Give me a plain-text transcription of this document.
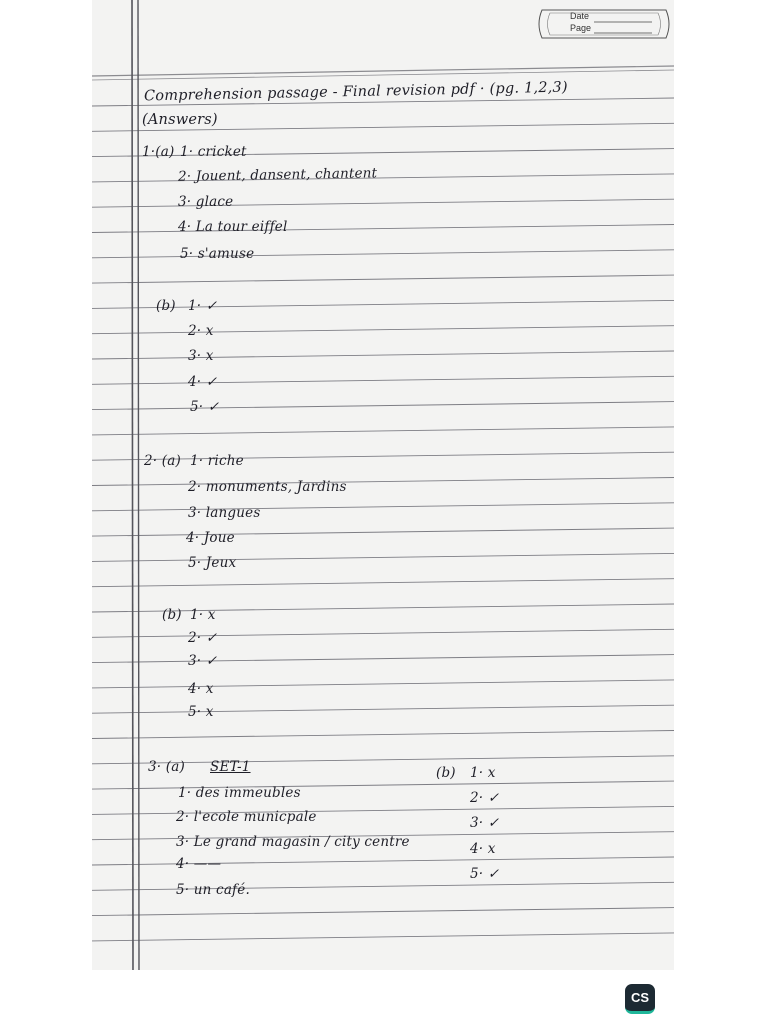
Date
Page
Comprehension passage - Final revision pdf · (pg. 1,2,3)
(Answers)
1·(a) 1· cricket
2· Jouent, dansent, chantent
3· glace
4· La tour eiffel
5· s'amuse
(b) 1· ✓
2· x
3· x
4· ✓
5· ✓
2· (a) 1· riche
2· monuments, Jardins
3· langues
4· Joue
5· Jeux
(b) 1· x
2· ✓
3· ✓
4· x
5· x
3· (a) SET-1
1· des immeubles
2· l'ecole municpale
3· Le grand magasin / city centre
4· ——
5· un café.
(b) 1· x
2· ✓
3· ✓
4· x
5· ✓
CS
